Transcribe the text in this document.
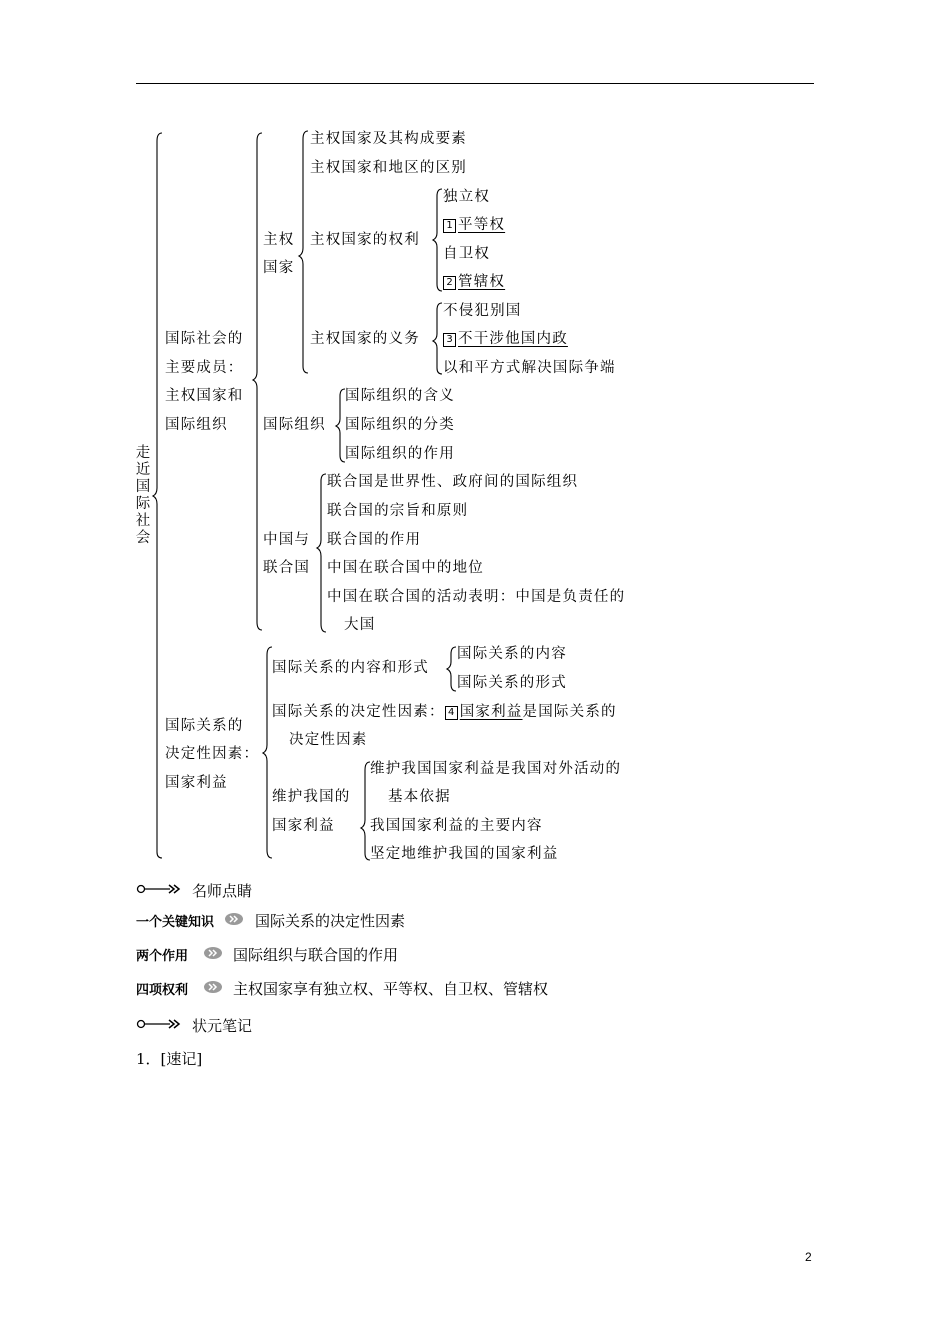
走近国际社会
国际社会的
主要成员：
主权国家和
国际组织
主权
国家
主权国家及其构成要素
主权国家和地区的区别
主权国家的权利
独立权
1 平等权
自卫权
2 管辖权
主权国家的义务
不侵犯别国
3 不干涉他国内政
以和平方式解决国际争端
国际组织
国际组织的含义
国际组织的分类
国际组织的作用
中国与
联合国
联合国是世界性、政府间的国际组织
联合国的宗旨和原则
联合国的作用
中国在联合国中的地位
中国在联合国的活动表明：中国是负责任的
大国
国际关系的
决定性因素：
国家利益
国际关系的内容和形式
国际关系的内容
国际关系的形式
国际关系的决定性因素： 4 国家利益是国际关系的
决定性因素
维护我国的
国家利益
维护我国国家利益是我国对外活动的
基本依据
我国国家利益的主要内容
坚定地维护我国的国家利益
名师点睛
一个关键知识	国际关系的决定性因素
两个作用	国际组织与联合国的作用
四项权利	主权国家享有独立权、平等权、自卫权、管辖权
状元笔记
1．[速记]
2
